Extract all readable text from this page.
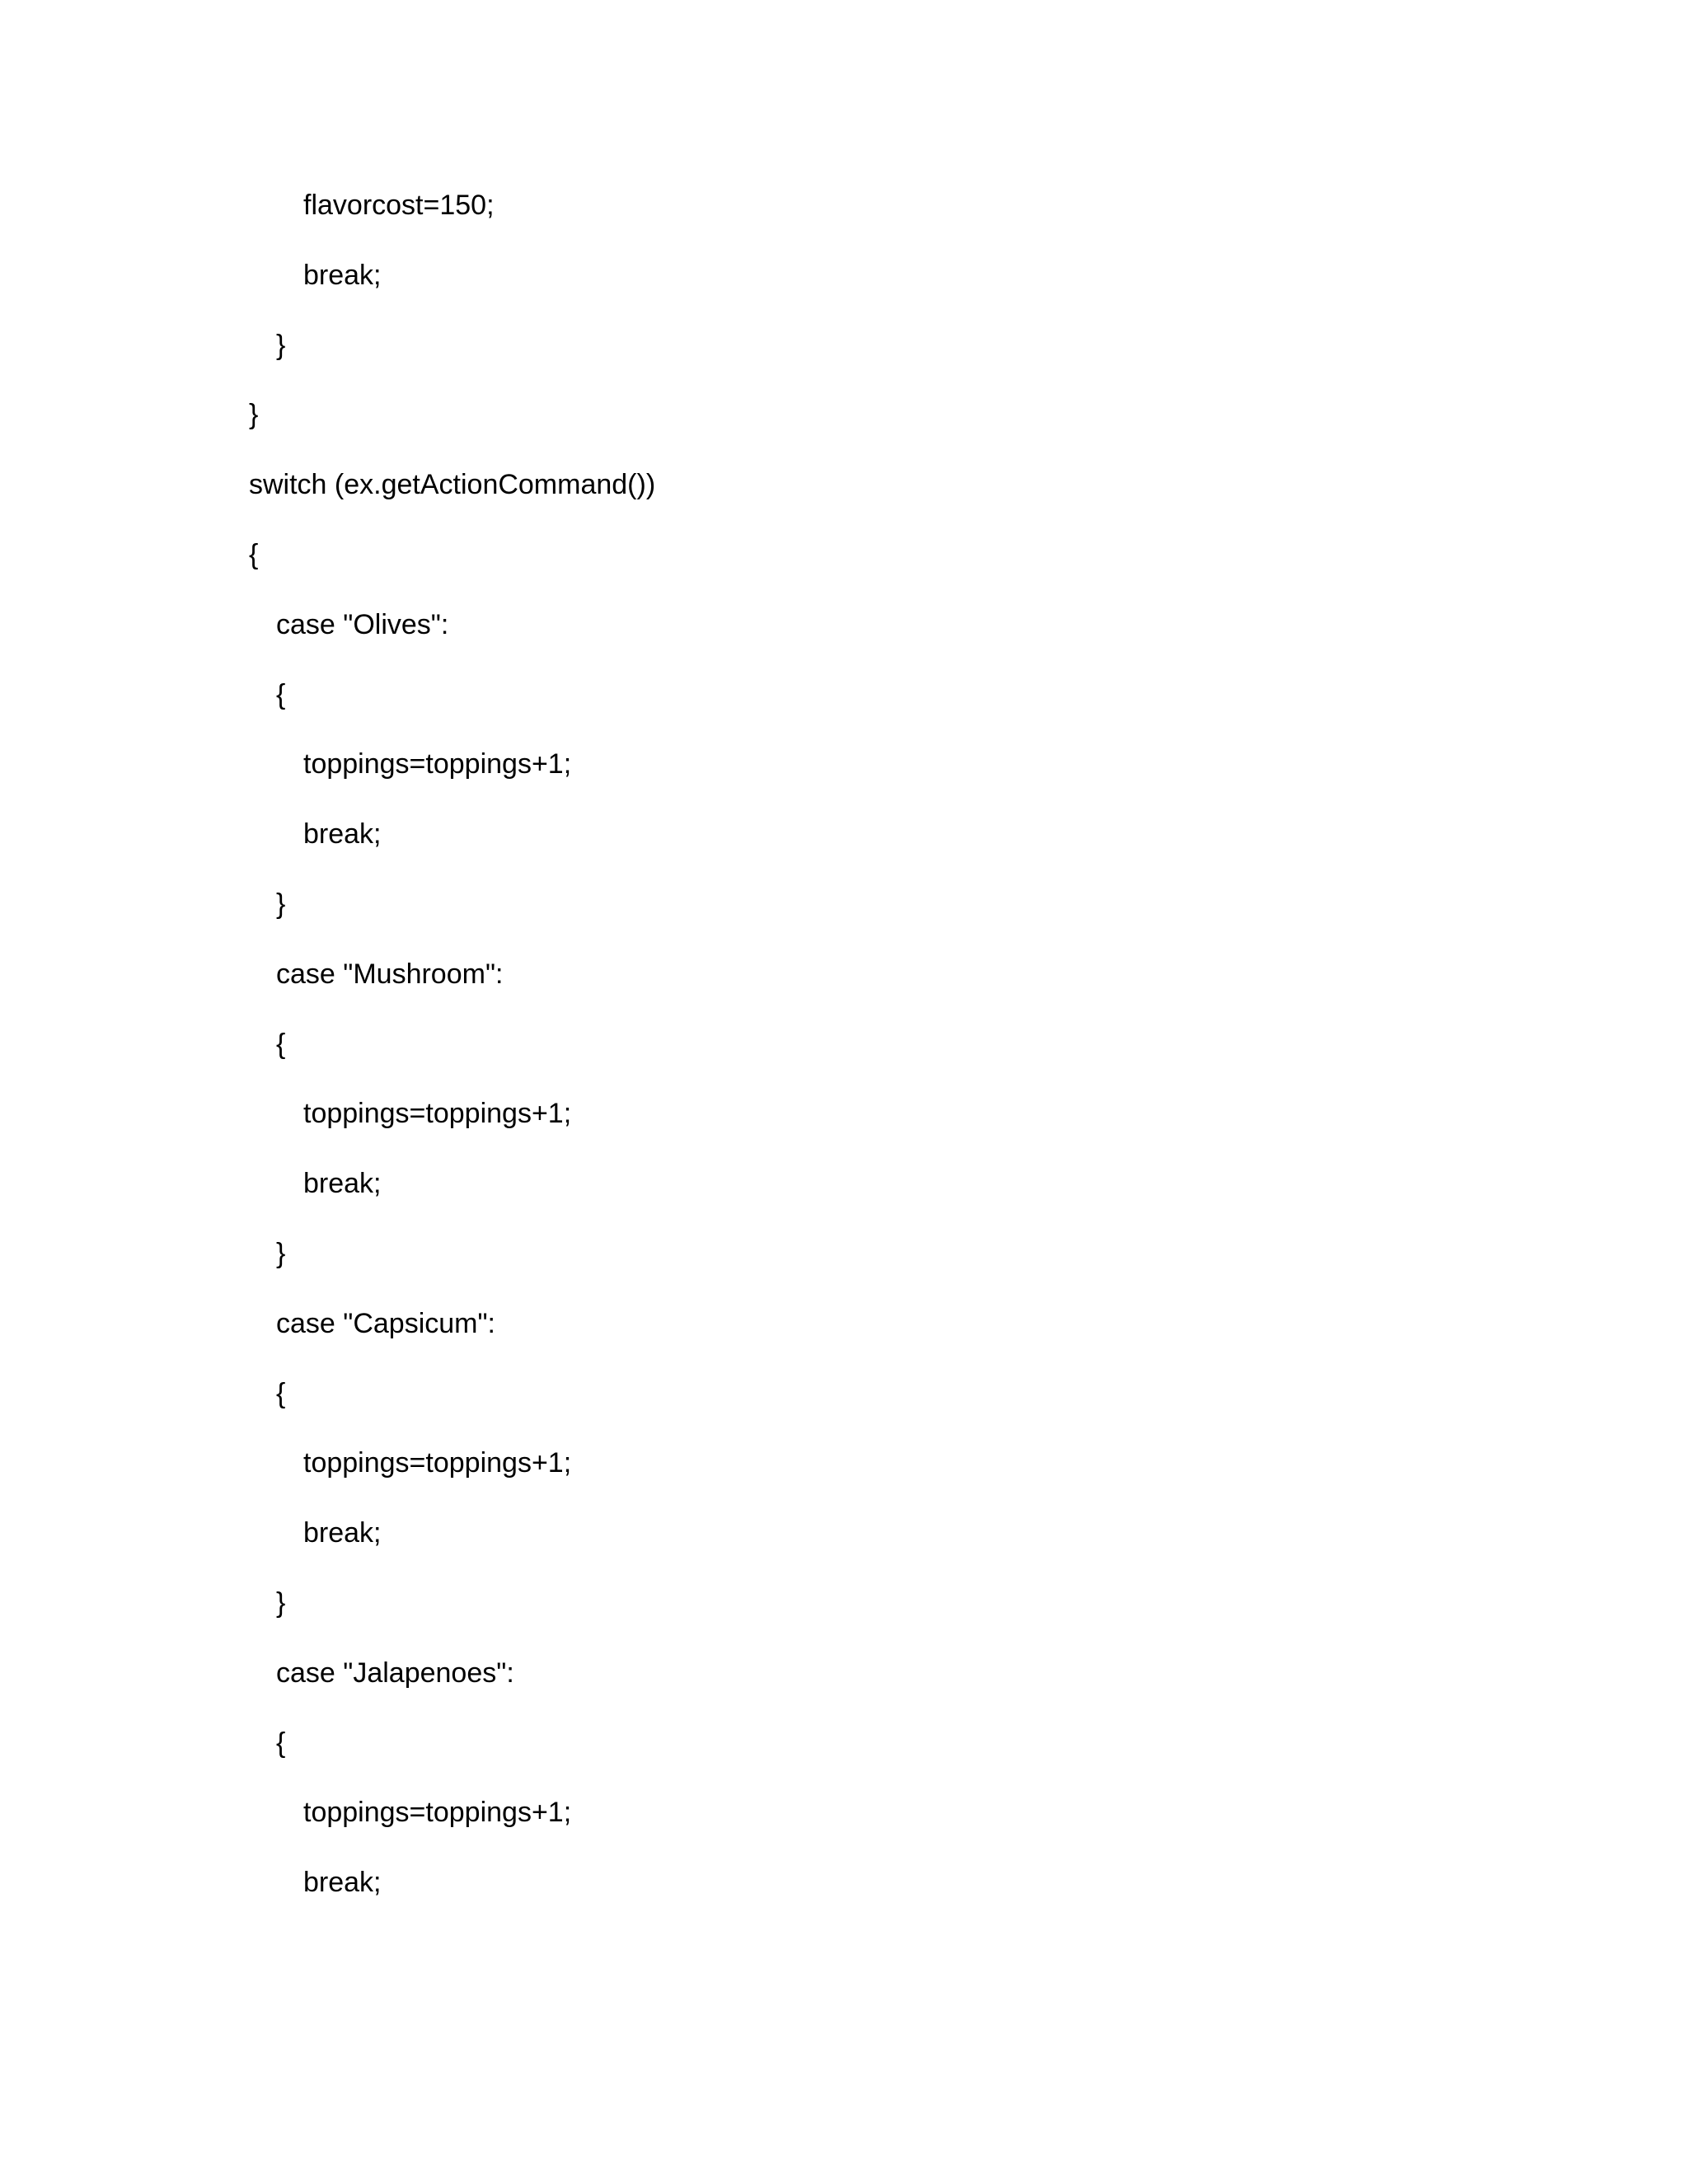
flavorcost=150;
break;
}
}
switch (ex.getActionCommand())
{
case "Olives":
{
toppings=toppings+1;
break;
}
case "Mushroom":
{
toppings=toppings+1;
break;
}
case "Capsicum":
{
toppings=toppings+1;
break;
}
case "Jalapenoes":
{
toppings=toppings+1;
break;
